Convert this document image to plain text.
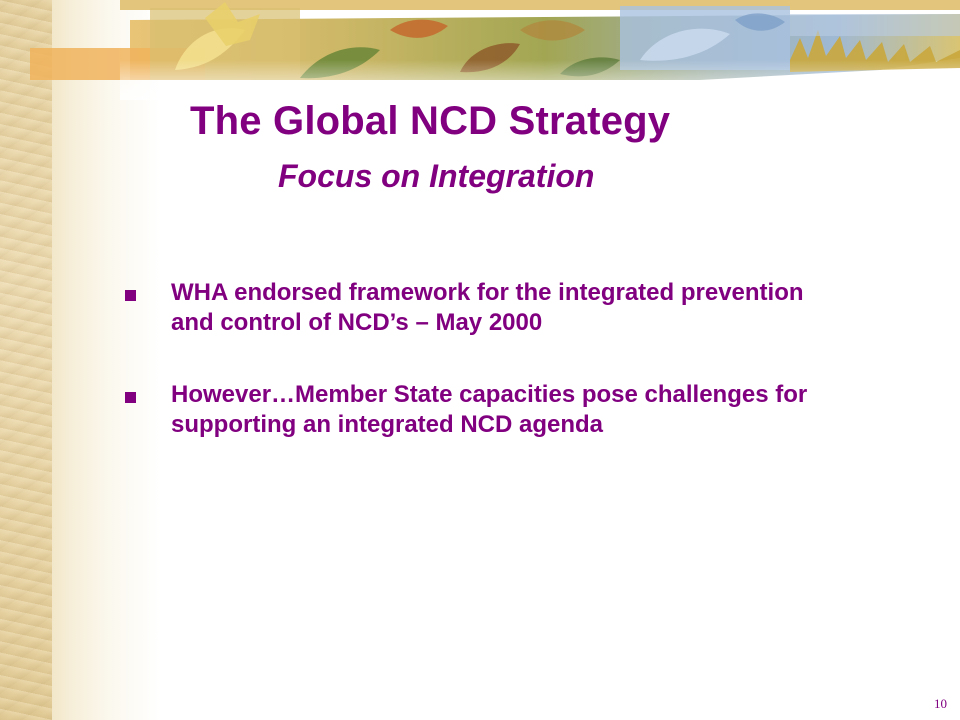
The Global NCD Strategy
Focus on Integration
WHA endorsed framework for the integrated prevention and control of NCD’s – May 2000
However…Member State capacities pose challenges for supporting an integrated NCD agenda
10
